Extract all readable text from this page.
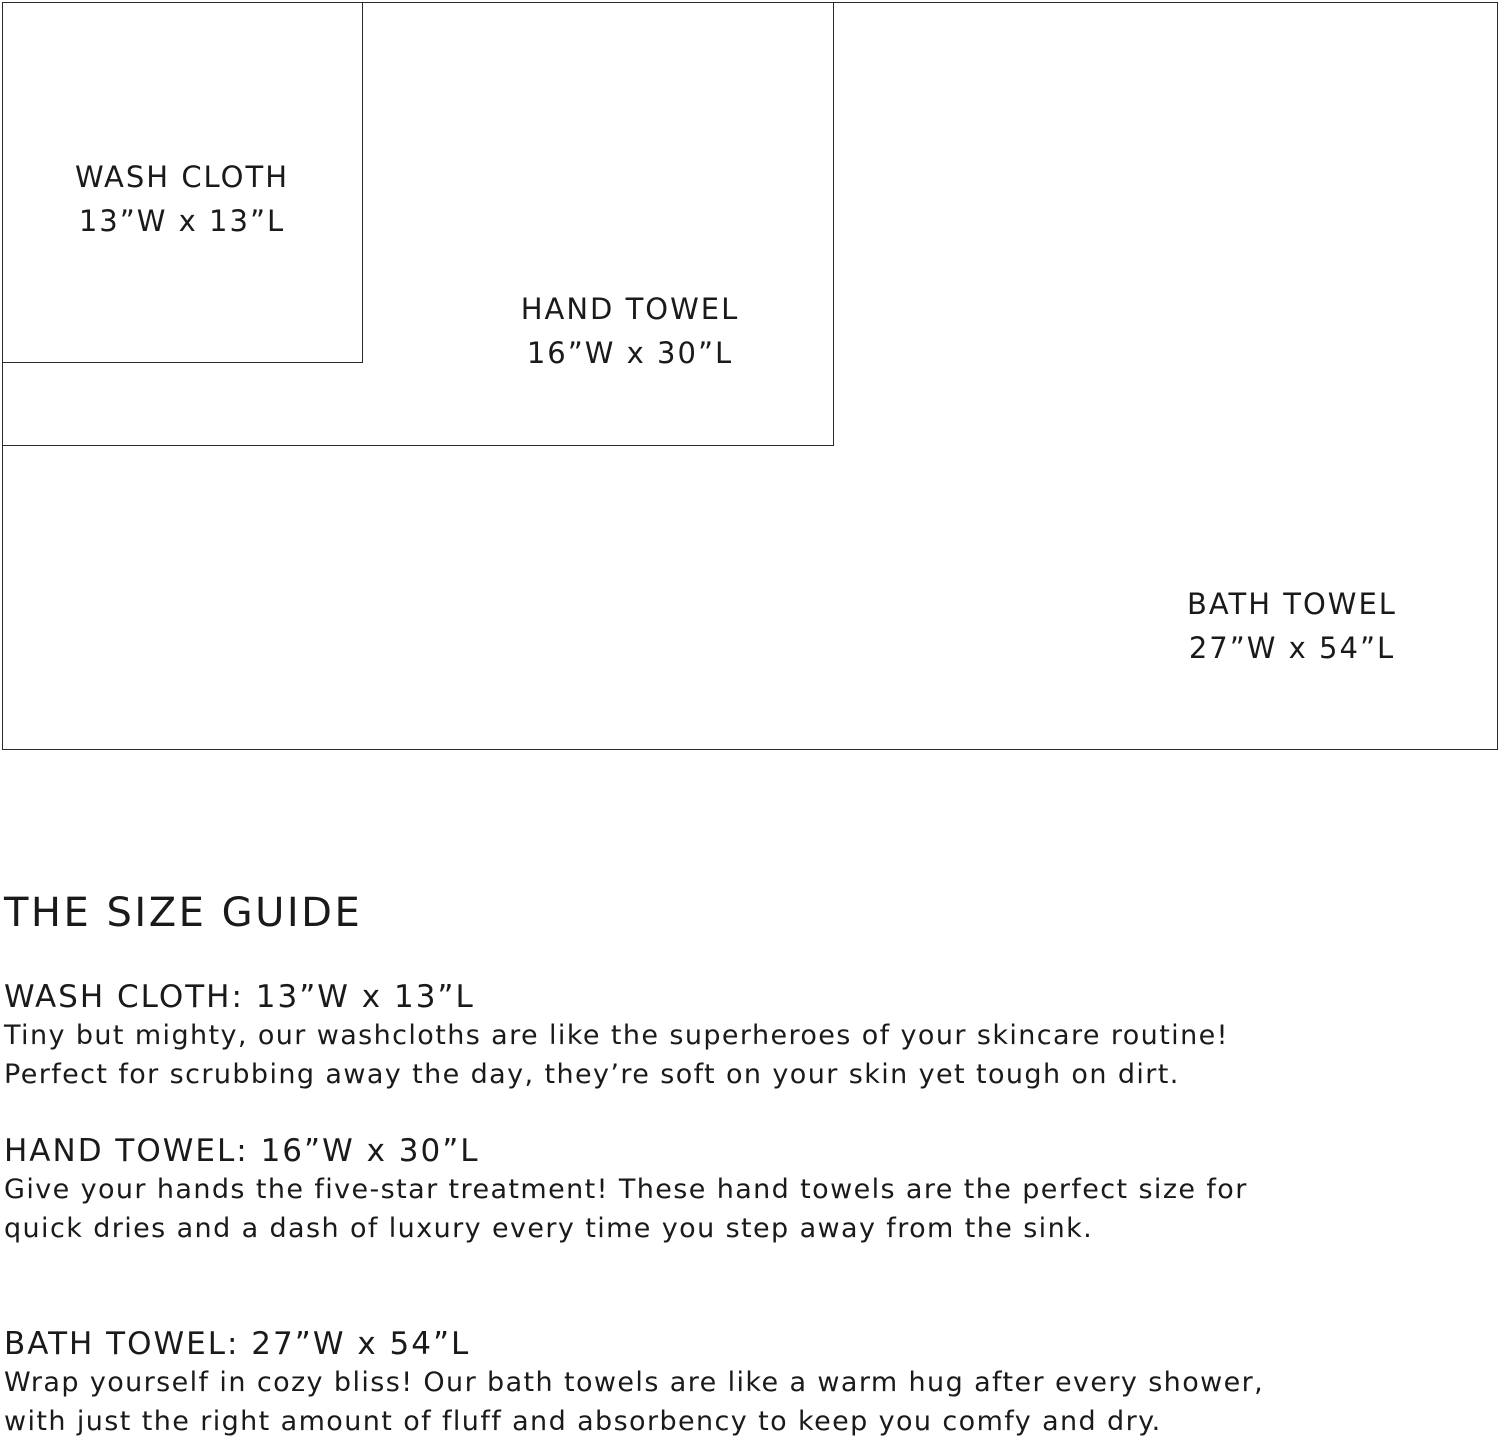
WASH CLOTH
13”W x 13”L
HAND TOWEL
16”W x 30”L
BATH TOWEL
27”W x 54”L
THE SIZE GUIDE
WASH CLOTH: 13”W x 13”L
Tiny but mighty, our washcloths are like the superheroes of your skincare routine!
Perfect for scrubbing away the day, they’re soft on your skin yet tough on dirt.
HAND TOWEL: 16”W x 30”L
Give your hands the five-star treatment! These hand towels are the perfect size for
quick dries and a dash of luxury every time you step away from the sink.
BATH TOWEL: 27”W x 54”L
Wrap yourself in cozy bliss! Our bath towels are like a warm hug after every shower,
with just the right amount of fluff and absorbency to keep you comfy and dry.
